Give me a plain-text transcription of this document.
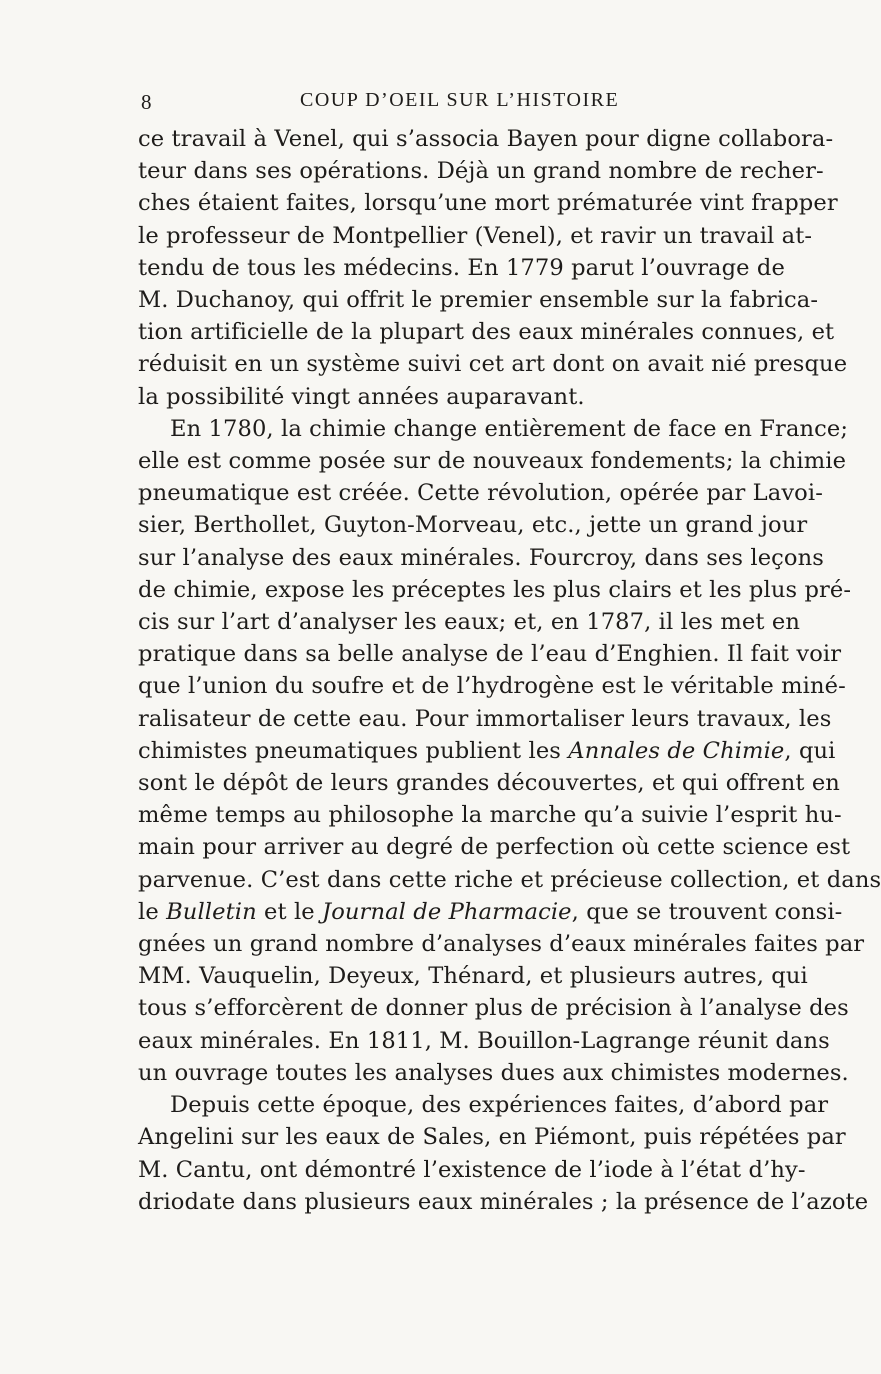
8	COUP D’OEIL SUR L’HISTOIRE
ce travail à Venel, qui s’associa Bayen pour digne collabora-
teur dans ses opérations. Déjà un grand nombre de recher-
ches étaient faites, lorsqu’une mort prématurée vint frapper
le professeur de Montpellier (Venel), et ravir un travail at-
tendu de tous les médecins. En 1779 parut l’ouvrage de
M. Duchanoy, qui offrit le premier ensemble sur la fabrica-
tion artificielle de la plupart des eaux minérales connues, et
réduisit en un système suivi cet art dont on avait nié presque
la possibilité vingt années auparavant.
En 1780, la chimie change entièrement de face en France;
elle est comme posée sur de nouveaux fondements; la chimie
pneumatique est créée. Cette révolution, opérée par Lavoi-
sier, Berthollet, Guyton-Morveau, etc., jette un grand jour
sur l’analyse des eaux minérales. Fourcroy, dans ses leçons
de chimie, expose les préceptes les plus clairs et les plus pré-
cis sur l’art d’analyser les eaux; et, en 1787, il les met en
pratique dans sa belle analyse de l’eau d’Enghien. Il fait voir
que l’union du soufre et de l’hydrogène est le véritable miné-
ralisateur de cette eau. Pour immortaliser leurs travaux, les
chimistes pneumatiques publient les Annales de Chimie, qui
sont le dépôt de leurs grandes découvertes, et qui offrent en
même temps au philosophe la marche qu’a suivie l’esprit hu-
main pour arriver au degré de perfection où cette science est
parvenue. C’est dans cette riche et précieuse collection, et dans
le Bulletin et le Journal de Pharmacie, que se trouvent consi-
gnées un grand nombre d’analyses d’eaux minérales faites par
MM. Vauquelin, Deyeux, Thénard, et plusieurs autres, qui
tous s’efforcèrent de donner plus de précision à l’analyse des
eaux minérales. En 1811, M. Bouillon-Lagrange réunit dans
un ouvrage toutes les analyses dues aux chimistes modernes.
Depuis cette époque, des expériences faites, d’abord par
Angelini sur les eaux de Sales, en Piémont, puis répétées par
M. Cantu, ont démontré l’existence de l’iode à l’état d’hy-
driodate dans plusieurs eaux minérales ; la présence de l’azote
